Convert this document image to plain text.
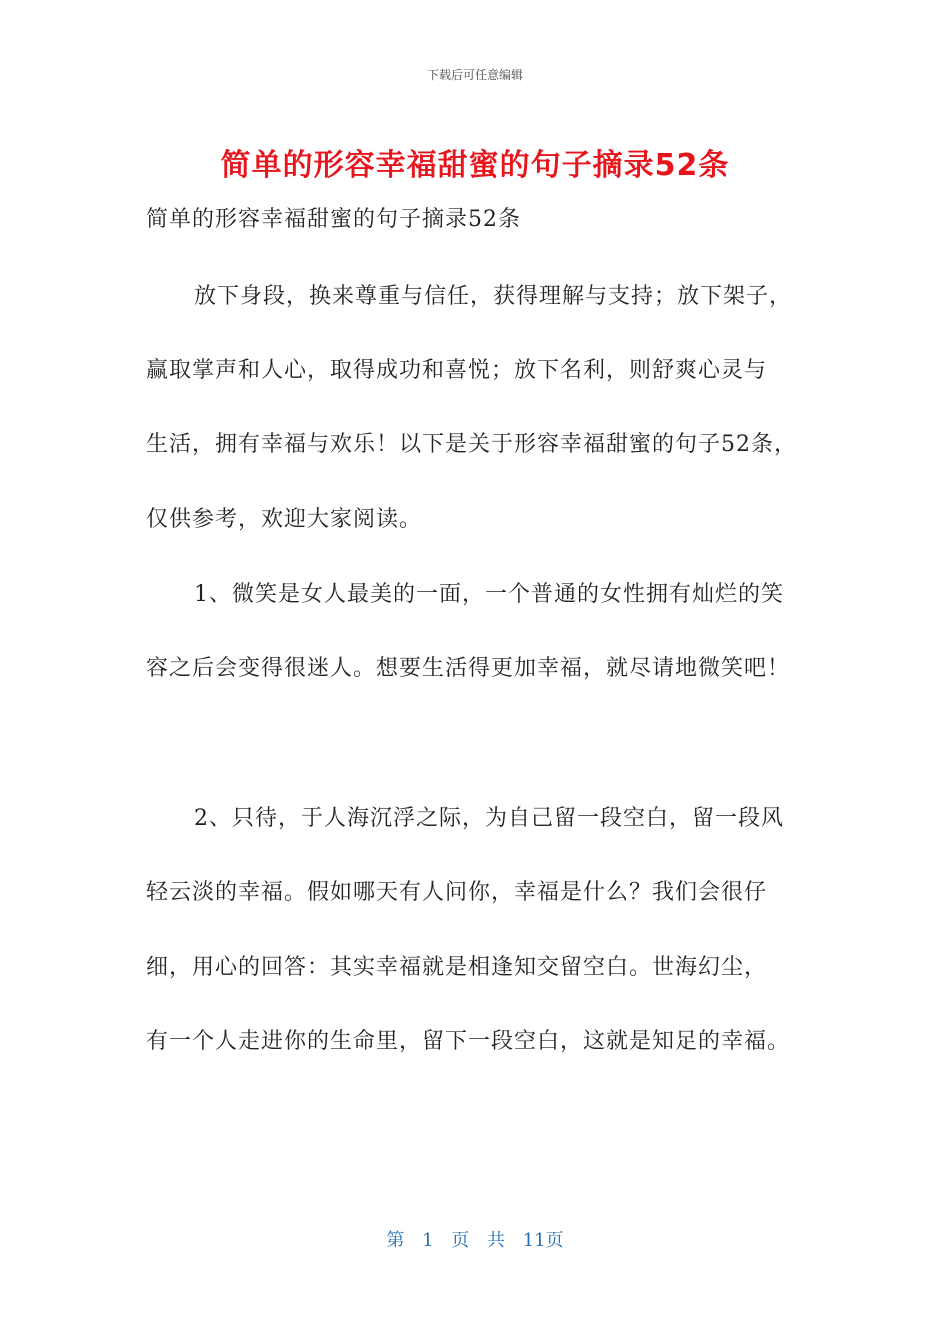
下载后可任意编辑
简单的形容幸福甜蜜的句子摘录52条
简单的形容幸福甜蜜的句子摘录52条
放下身段，换来尊重与信任，获得理解与支持；放下架子，
赢取掌声和人心，取得成功和喜悦；放下名利，则舒爽心灵与
生活，拥有幸福与欢乐！以下是关于形容幸福甜蜜的句子52条，
仅供参考，欢迎大家阅读。
1、微笑是女人最美的一面，一个普通的女性拥有灿烂的笑
容之后会变得很迷人。想要生活得更加幸福，就尽请地微笑吧！
2、只待，于人海沉浮之际，为自己留一段空白，留一段风
轻云淡的幸福。假如哪天有人问你，幸福是什么？我们会很仔
细，用心的回答：其实幸福就是相逢知交留空白。世海幻尘，
有一个人走进你的生命里，留下一段空白，这就是知足的幸福。
第 1 页 共 11页
